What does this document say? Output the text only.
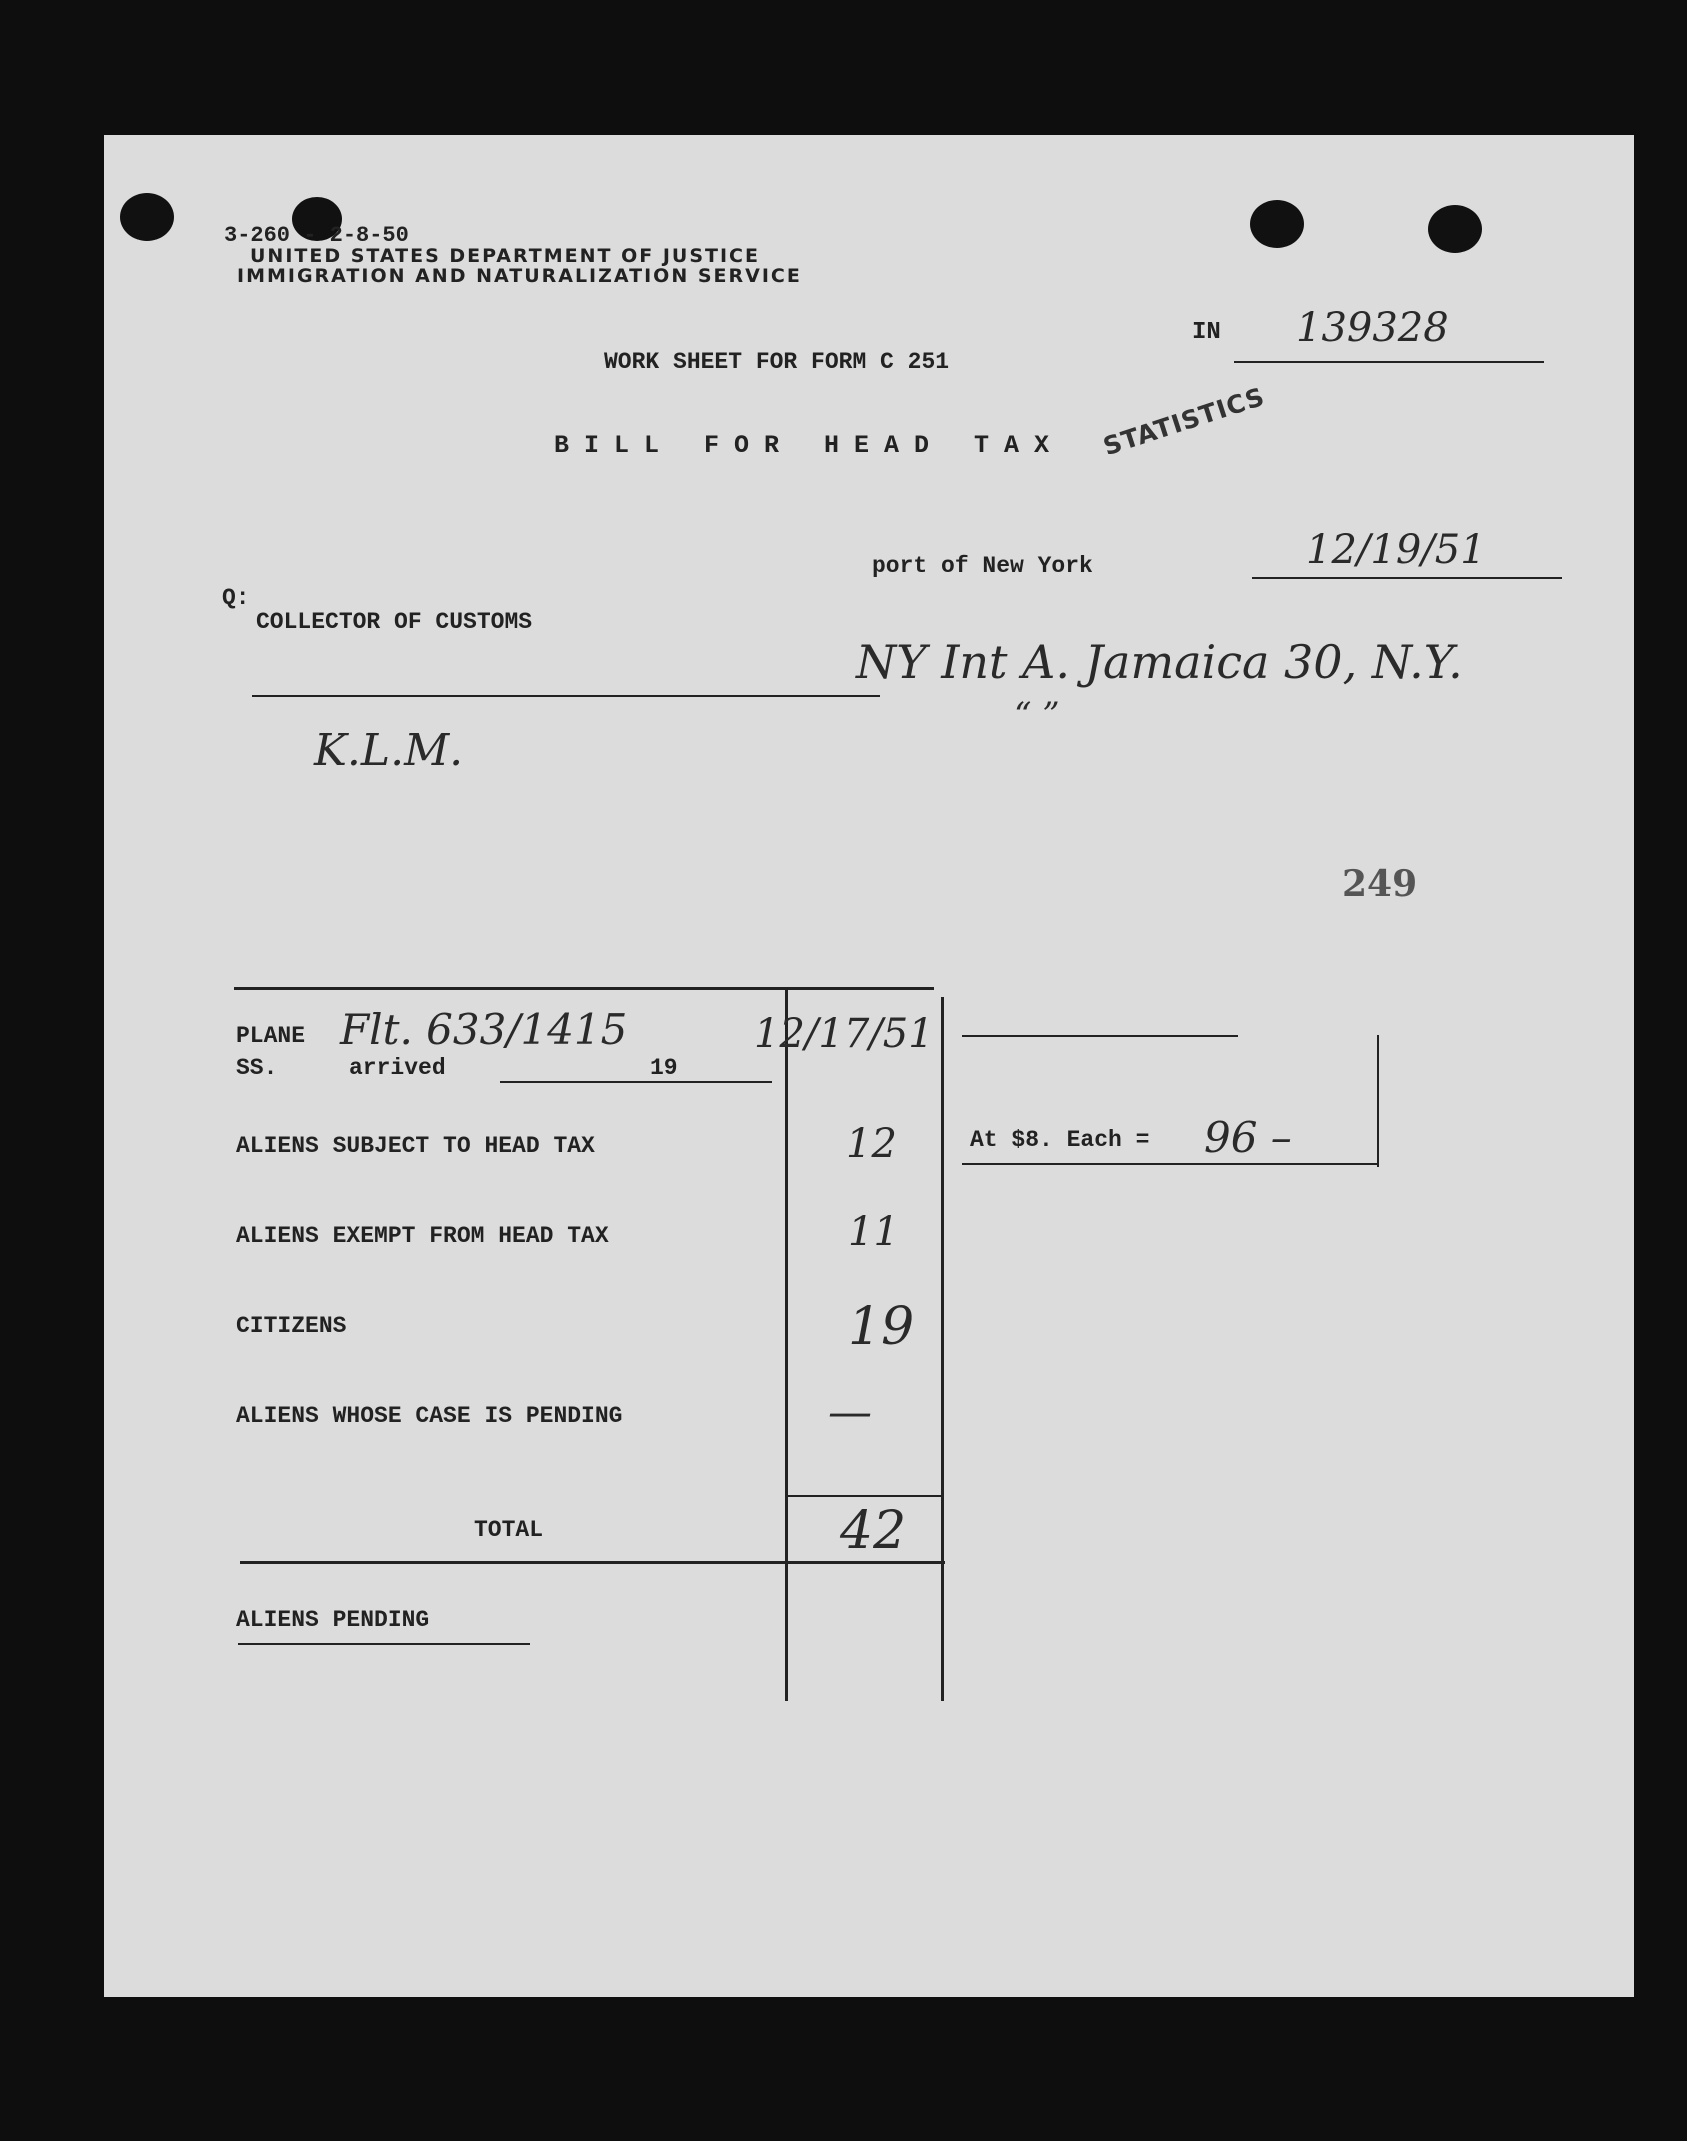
3-260 - 2-8-50
UNITED STATES DEPARTMENT OF JUSTICE
IMMIGRATION AND NATURALIZATION SERVICE
IN 139328
WORK SHEET FOR FORM C 251
BILL FOR HEAD TAX STATISTICS
port of New York	12/19/51
Q:
COLLECTOR OF CUSTOMS
NY Int A. Jamaica 30, N.Y.
“ ”
K.L.M.
249
PLANE
SS.	arrived	19
Flt. 633/1415	12/17/51
ALIENS SUBJECT TO HEAD TAX	12
ALIENS EXEMPT FROM HEAD TAX	11
CITIZENS	19
ALIENS WHOSE CASE IS PENDING	—
TOTAL	42
At $8. Each = 96 –
ALIENS PENDING
